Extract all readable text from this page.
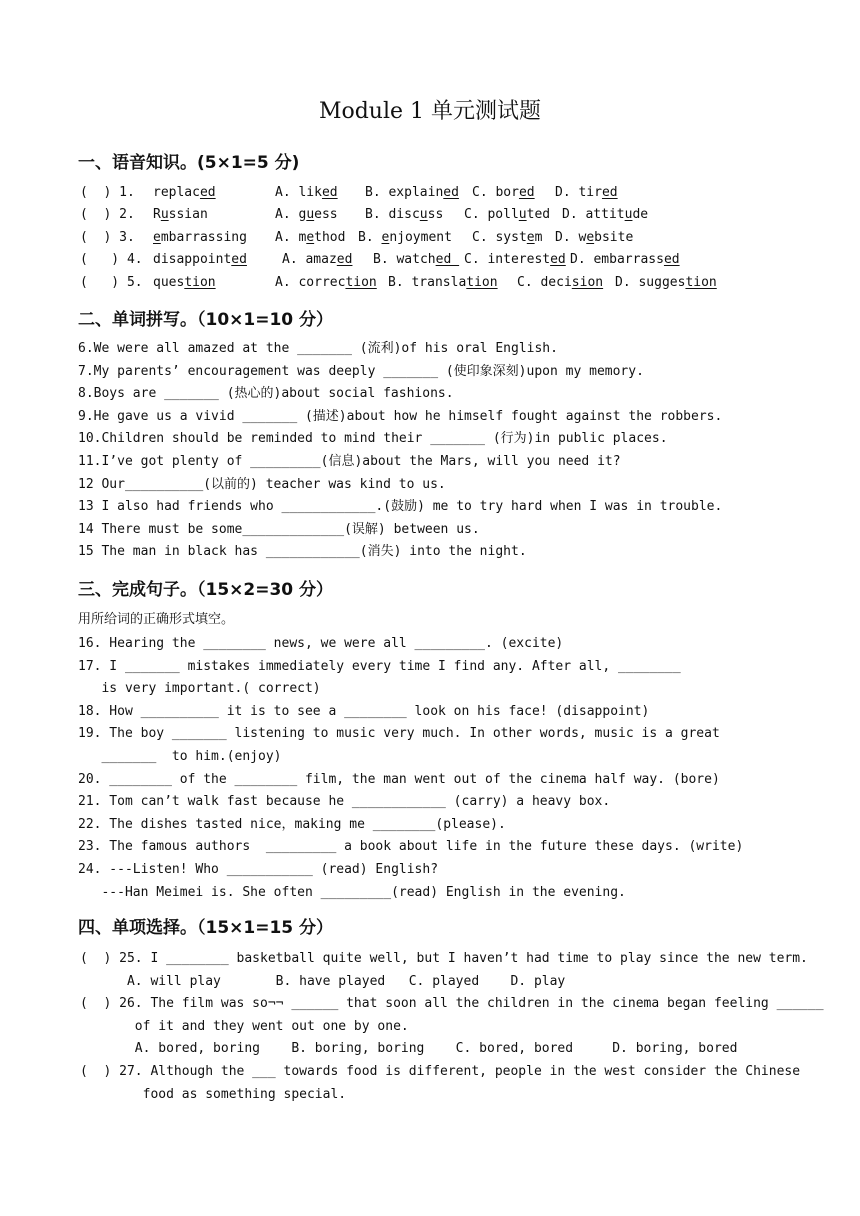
Module 1 单元测试题
一、语音知识。(5×1=5 分)
(  ) 1. replaced	A. liked B. explained C. bored D. tired
(  ) 2. Russian	A. guess B. discuss C. polluted D. attitude
(  ) 3. embarrassing A. method B. enjoyment C. system D. website
(   ) 4. disappointed	A. amazed B. watched C. interested D. embarrassed
(   ) 5. question	A. correction B. translation C. decision D. suggestion
二、单词拼写。（10×1=10 分）
6.We were all amazed at the _______ (流利)of his oral English.
7.My parents’ encouragement was deeply _______ (使印象深刻)upon my memory.
8.Boys are _______ (热心的)about social fashions.
9.He gave us a vivid _______ (描述)about how he himself fought against the robbers.
10.Children should be reminded to mind their _______ (行为)in public places.
11.I’ve got plenty of _________(信息)about the Mars, will you need it?
12 Our__________(以前的) teacher was kind to us.
13 I also had friends who ____________.(鼓励) me to try hard when I was in trouble.
14 There must be some_____________(误解) between us.
15 The man in black has ____________(消失) into the night.
三、完成句子。（15×2=30 分）
用所给词的正确形式填空。
16. Hearing the ________ news, we were all _________. (excite)
17. I _______ mistakes immediately every time I find any. After all, ________
is very important.( correct)
18. How __________ it is to see a ________ look on his face! (disappoint)
19. The boy _______ listening to music very much. In other words, music is a great
_______  to him.(enjoy)
20. ________ of the ________ film, the man went out of the cinema half way. (bore)
21. Tom can’t walk fast because he ____________ (carry) a heavy box.
22. The dishes tasted nice，making me ________(please).
23. The famous authors  _________ a book about life in the future these days. (write)
24. ---Listen! Who ___________ (read) English?
---Han Meimei is. She often _________(read) English in the evening.
四、单项选择。（15×1=15 分）
(  ) 25. I ________ basketball quite well, but I haven’t had time to play since the new term.
A. will play       B. have played   C. played    D. play
(  ) 26. The film was so¬¬ ______ that soon all the children in the cinema began feeling ______
of it and they went out one by one.
A. bored, boring    B. boring, boring    C. bored, bored     D. boring, bored
(  ) 27. Although the ___ towards food is different, people in the west consider the Chinese
food as something special.
